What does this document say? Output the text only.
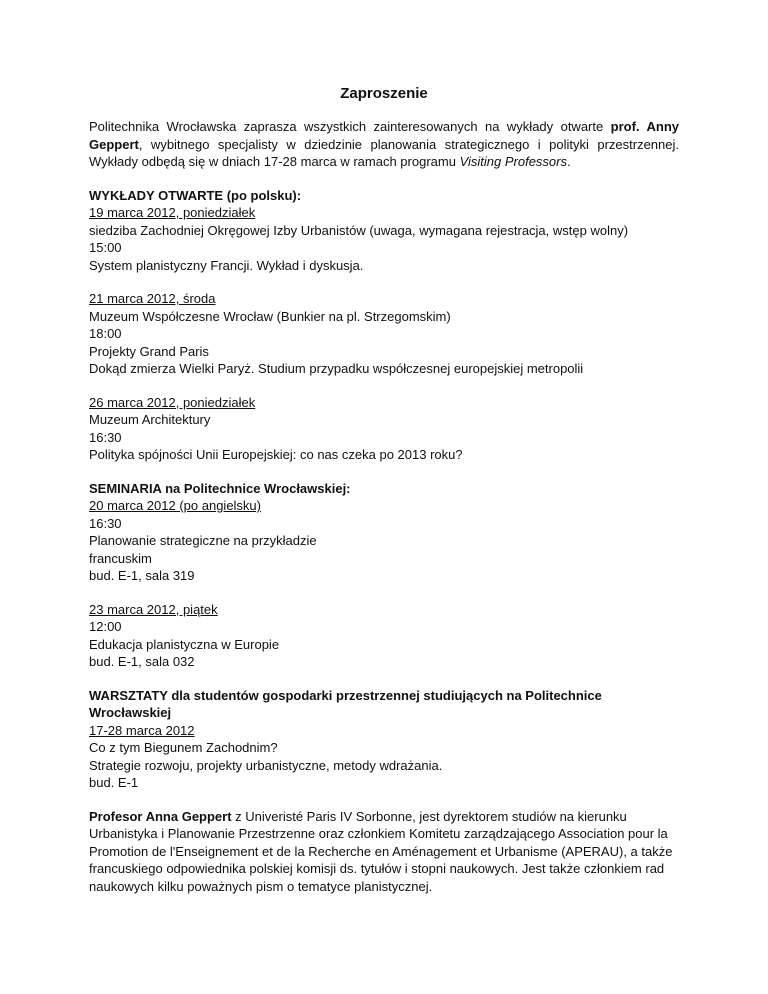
Zaproszenie

Politechnika Wrocławska zaprasza wszystkich zainteresowanych na wykłady otwarte prof. Anny Geppert, wybitnego specjalisty w dziedzinie planowania strategicznego i polityki przestrzennej. Wykłady odbędą się w dniach 17-28 marca w ramach programu Visiting Professors.

WYKŁADY OTWARTE (po polsku):

19 marca 2012, poniedziałek

siedziba Zachodniej Okręgowej Izby Urbanistów (uwaga, wymagana rejestracja, wstęp wolny)

15:00

System planistyczny Francji. Wykład i dyskusja.

21 marca 2012, środa

Muzeum Współczesne Wrocław (Bunkier na pl. Strzegomskim)

18:00

Projekty Grand Paris

Dokąd zmierza Wielki Paryż. Studium przypadku współczesnej europejskiej metropolii

26 marca 2012, poniedziałek

Muzeum Architektury

16:30

Polityka spójności Unii Europejskiej: co nas czeka po 2013 roku?

SEMINARIA na Politechnice Wrocławskiej:

20 marca 2012 (po angielsku)

16:30

Planowanie strategiczne na przykładzie

francuskim

bud. E-1, sala 319

23 marca 2012, piątek

12:00

Edukacja planistyczna w Europie

bud. E-1, sala 032

WARSZTATY dla studentów gospodarki przestrzennej studiujących na Politechnice Wrocławskiej

17-28 marca 2012

Co z tym Biegunem Zachodnim?

Strategie rozwoju, projekty urbanistyczne, metody wdrażania.

bud. E-1

Profesor Anna Geppert z Univeristé Paris IV Sorbonne, jest dyrektorem studiów na kierunku Urbanistyka i Planowanie Przestrzenne oraz członkiem Komitetu zarządzającego Association pour la Promotion de l'Enseignement et de la Recherche en Aménagement et Urbanisme (APERAU), a także francuskiego odpowiednika polskiej komisji ds. tytułów i stopni naukowych. Jest także członkiem rad naukowych kilku poważnych pism o tematyce planistycznej.
